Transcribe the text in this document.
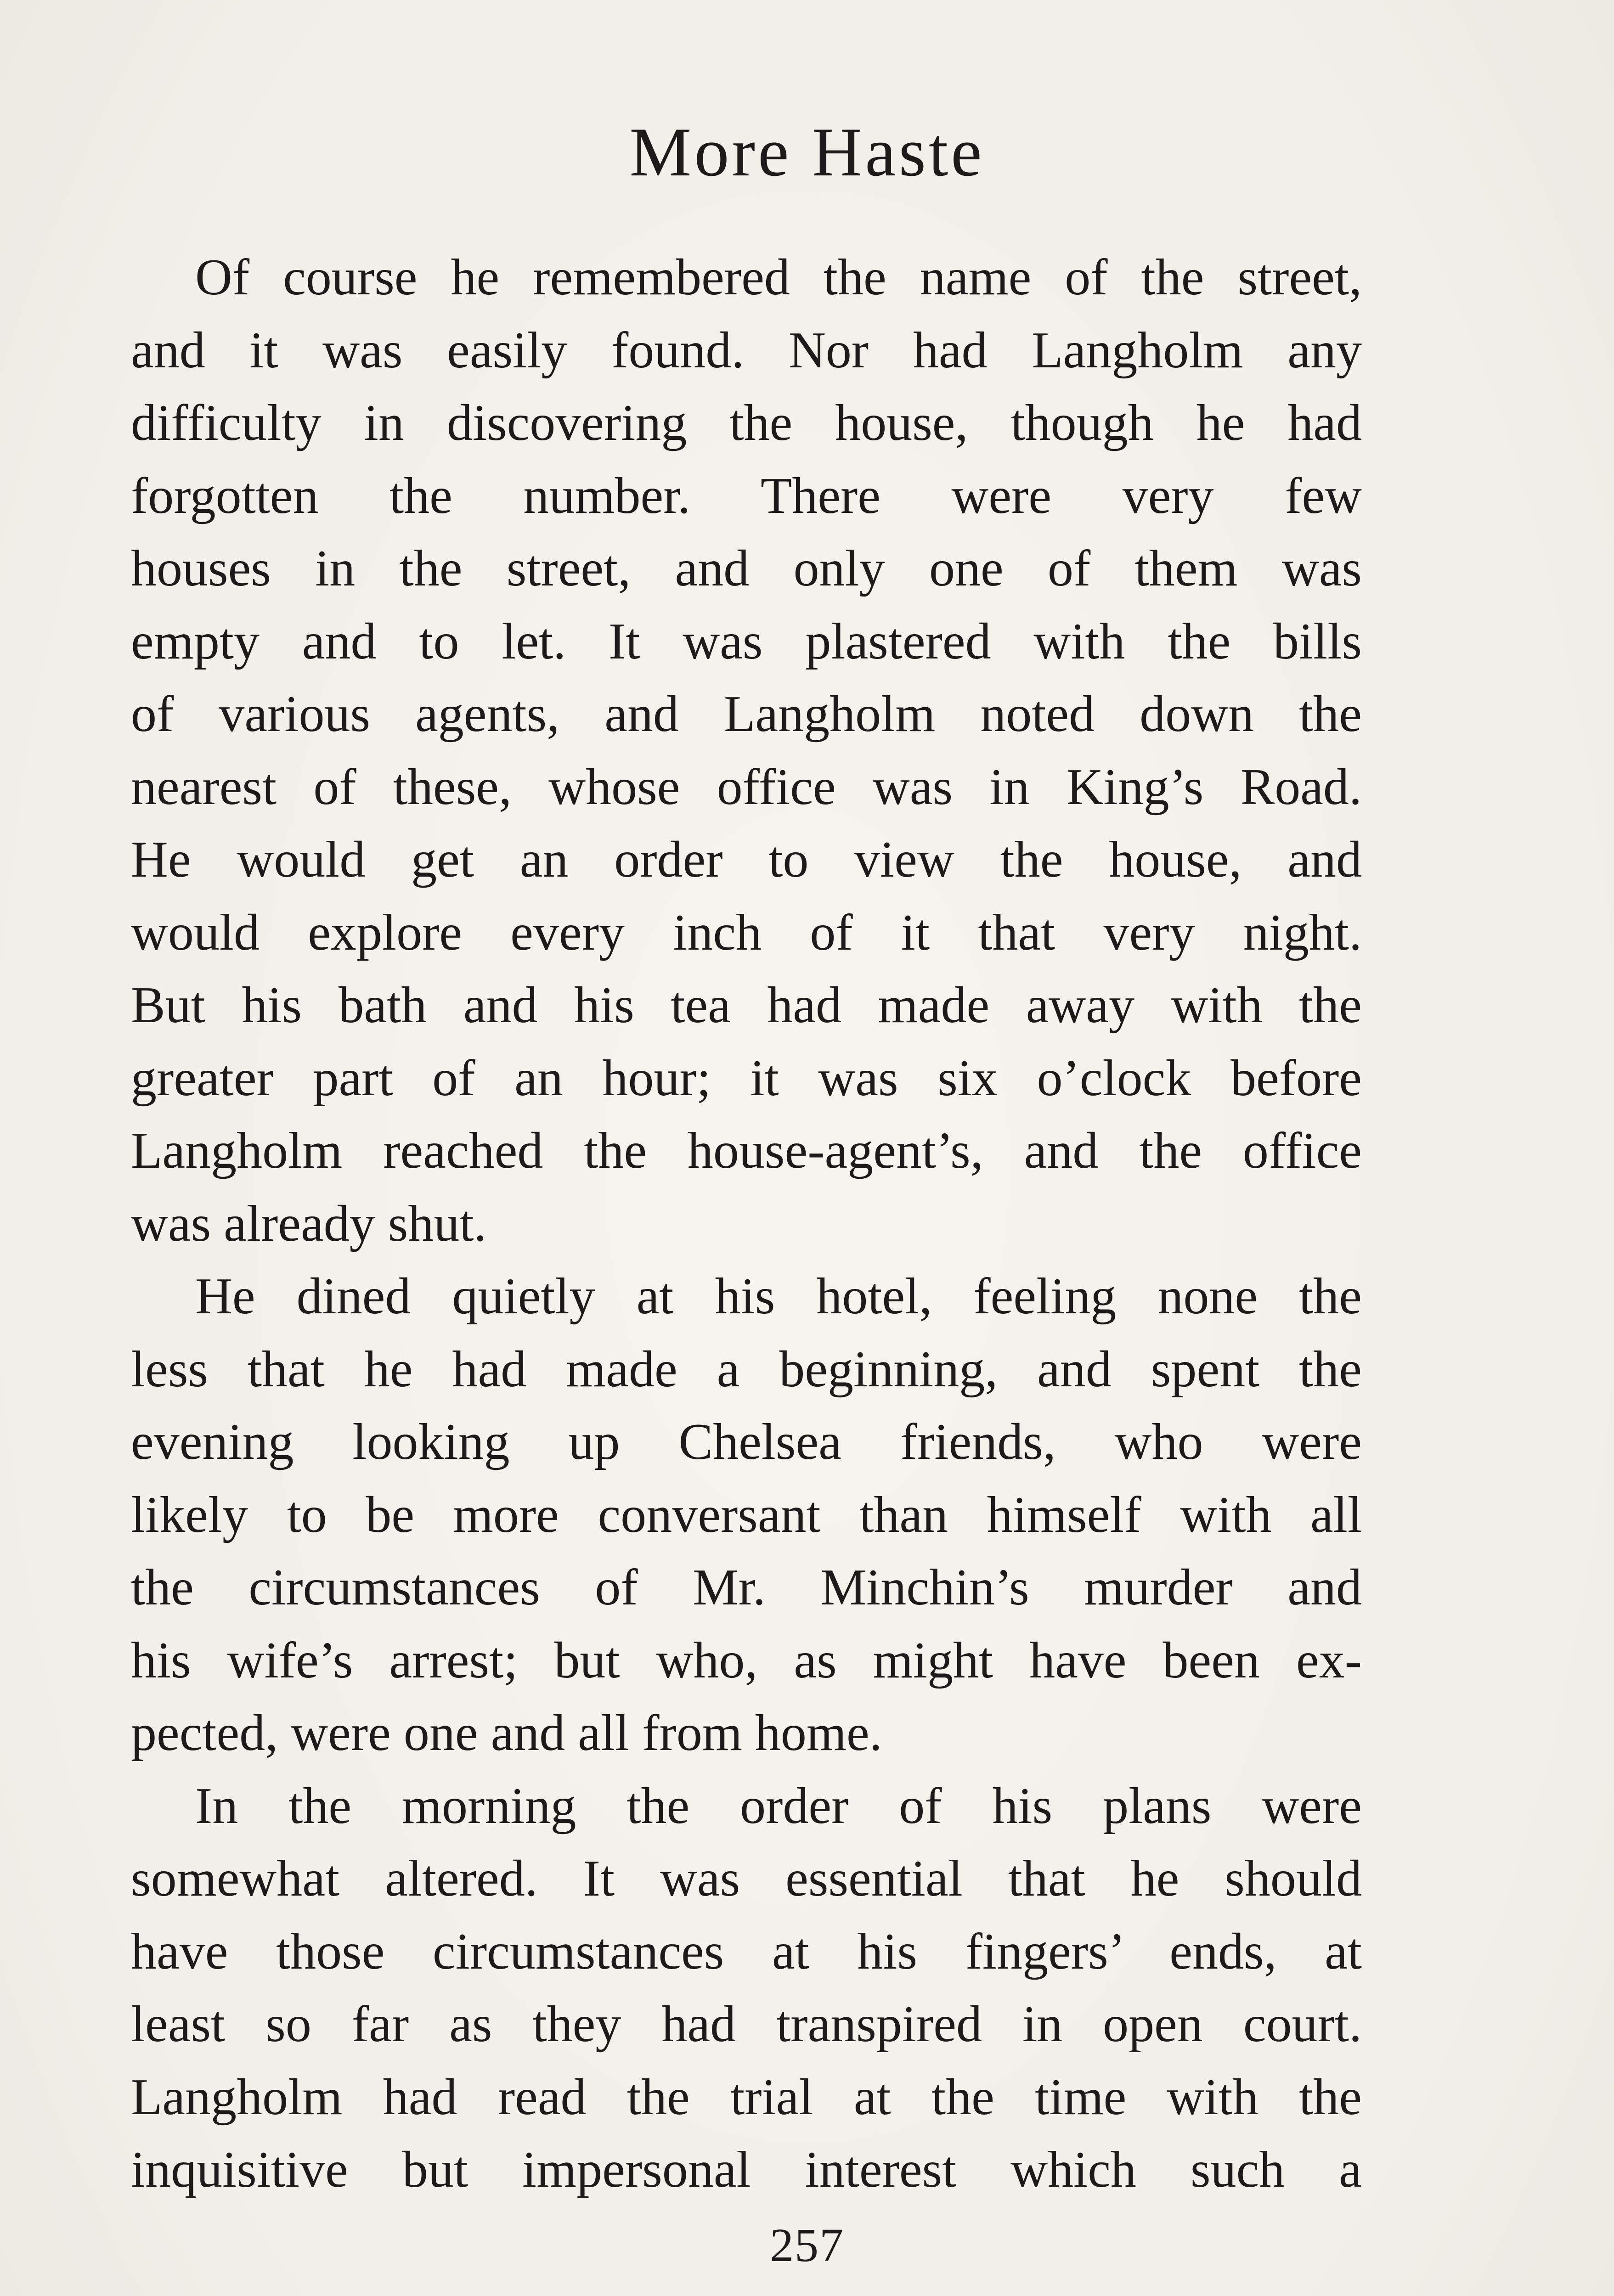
More Haste
Of course he remembered the name of the street,
and it was easily found. Nor had Langholm any
difficulty in discovering the house, though he had
forgotten the number. There were very few
houses in the street, and only one of them was
empty and to let. It was plastered with the bills
of various agents, and Langholm noted down the
nearest of these, whose office was in King’s Road.
He would get an order to view the house, and
would explore every inch of it that very night.
But his bath and his tea had made away with the
greater part of an hour; it was six o’clock before
Langholm reached the house-agent’s, and the office
was already shut.
He dined quietly at his hotel, feeling none the
less that he had made a beginning, and spent the
evening looking up Chelsea friends, who were
likely to be more conversant than himself with all
the circumstances of Mr. Minchin’s murder and
his wife’s arrest; but who, as might have been ex-
pected, were one and all from home.
In the morning the order of his plans were
somewhat altered. It was essential that he should
have those circumstances at his fingers’ ends, at
least so far as they had transpired in open court.
Langholm had read the trial at the time with the
inquisitive but impersonal interest which such a
257
